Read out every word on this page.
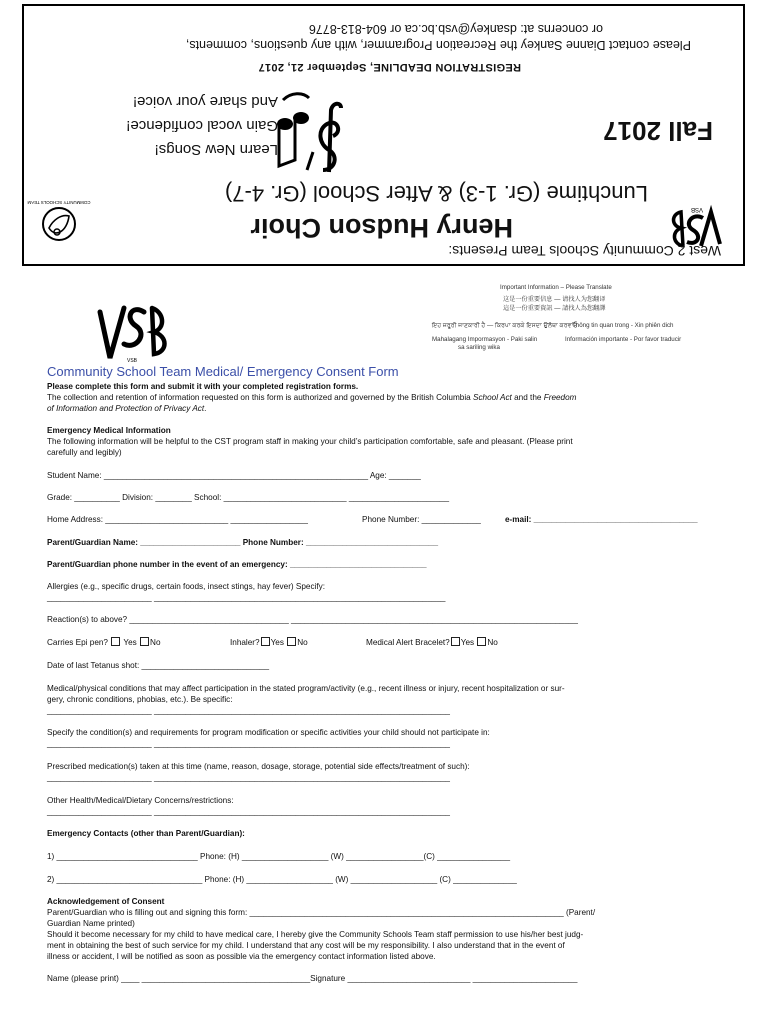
VSB
West 2 Community Schools Team Presents:
Henry Hudson Choir
Lunchtime (Gr. 1-3) & After School (Gr. 4-7)
Fall 2017
Learn New Songs!
Gain vocal confidence!
And share your voice!
REGISTRATION DEADLINE, September 21, 2017
Please contact Dianne Sankey the Recreation Programmer, with any questions, comments,
or concerns at: dsankey@vsb.bc.ca or 604-813-8776
COMMUNITY SCHOOLS TEAM
VSB
Important Information – Please Translate
这是一份重要信息 — 请找人为您翻译
這是一份重要資訊 — 請找人為您翻譯
ਇਹ ਜ਼ਰੂਰੀ ਜਾਣਕਾਰੀ ਹੈ — ਕਿਰਪਾ ਕਰਕੇ ਇਸਦਾ ਉਲੱਥਾ ਕਰਵਾਓ
Thông tin quan trong - Xin phiên dich
Mahalagang Impormasyon - Paki salin
sa sariling wika
Información importante - Por favor traducir
Community School Team Medical/ Emergency Consent Form
Please complete this form and submit it with your completed registration forms.
The collection and retention of information requested on this form is authorized and governed by the British Columbia School Act and the Freedom
of Information and Protection of Privacy Act.
Emergency Medical Information
The following information will be helpful to the CST program staff in making your child’s participation comfortable, safe and pleasant. (Please print
carefully and legibly)
Student Name: __________________________________________________________ Age: _______
Grade: __________ Division: ________ School: ___________________________ ______________________
Home Address: ___________________________ _________________	Phone Number: _____________	e-mail: ____________________________________
Parent/Guardian Name: ______________________ Phone Number: _____________________________
Parent/Guardian phone number in the event of an emergency: ______________________________
Allergies (e.g., specific drugs, certain foods, insect stings, hay fever) Specify:
_______________________ ________________________________________________________________
Reaction(s) to above? ___________________________________ _______________________________________________________________
Carries Epi pen? Yes No	Inhaler? Yes No	Medical Alert Bracelet? Yes No
Date of last Tetanus shot: ____________________________
Medical/physical conditions that may affect participation in the stated program/activity (e.g., recent illness or injury, recent hospitalization or sur-
gery, chronic conditions, phobias, etc.). Be specific:
_______________________ _________________________________________________________________
Specify the condition(s) and requirements for program modification or specific activities your child should not participate in:
_______________________ _________________________________________________________________
Prescribed medication(s) taken at this time (name, reason, dosage, storage, potential side effects/treatment of such):
_______________________ _________________________________________________________________
Other Health/Medical/Dietary Concerns/restrictions:
_______________________ _________________________________________________________________
Emergency Contacts (other than Parent/Guardian):
1) _______________________________ Phone: (H) ___________________ (W) _________________(C) ________________
2) ________________________________ Phone: (H) ___________________ (W) ___________________ (C) ______________
Acknowledgement of Consent
Parent/Guardian who is filling out and signing this form: _____________________________________________________________________ (Parent/
Guardian Name printed)
Should it become necessary for my child to have medical care, I hereby give the Community Schools Team staff permission to use his/her best judg-
ment in obtaining the best of such service for my child. I understand that any cost will be my responsibility. I also understand that in the event of
illness or accident, I will be notified as soon as possible via the emergency contact information listed above.
Name (please print) ____ _____________________________________Signature ___________________________ _______________________
